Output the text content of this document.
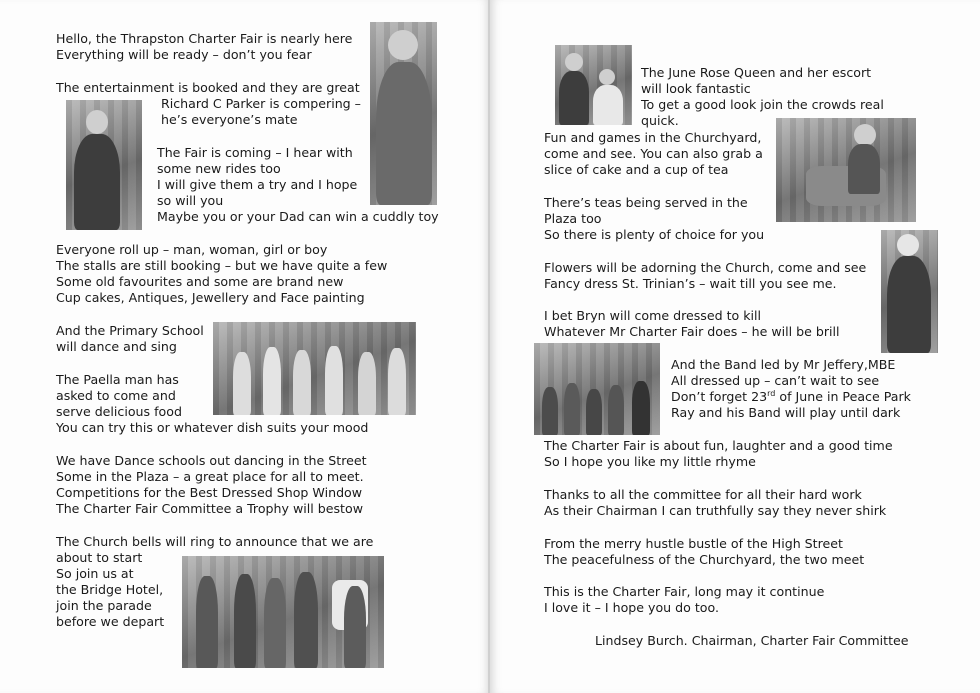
Hello, the Thrapston Charter Fair is nearly here
Everything will be ready – don’t you fear
The entertainment is booked and they are great
Richard C Parker is compering –
he’s everyone’s mate
The Fair is coming – I hear with
some new rides too
I will give them a try and I hope
so will you
Maybe you or your Dad can win a cuddly toy
Everyone roll up – man, woman, girl or boy
The stalls are still booking – but we have quite a few
Some old favourites and some are brand new
Cup cakes, Antiques, Jewellery and Face painting
And the Primary School
will dance and sing
The Paella man has
asked to come and
serve delicious food
You can try this or whatever dish suits your mood
We have Dance schools out dancing in the Street
Some in the Plaza – a great place for all to meet.
Competitions for the Best Dressed Shop Window
The Charter Fair Committee a Trophy will bestow
The Church bells will ring to announce that we are
about to start
So join us at
the Bridge Hotel,
join the parade
before we depart
The June Rose Queen and her escort
will look fantastic
To get a good look join the crowds real
quick.
Fun and games in the Churchyard,
come and see. You can also grab a
slice of cake and a cup of tea
There’s teas being served in the
Plaza too
So there is plenty of choice for you
Flowers will be adorning the Church, come and see
Fancy dress St. Trinian’s – wait till you see me.
I bet Bryn will come dressed to kill
Whatever Mr Charter Fair does – he will be brill
And the Band led by Mr Jeffery,MBE
All dressed up – can’t wait to see
Don’t forget 23rd of June in Peace Park
Ray and his Band will play until dark
The Charter Fair is about fun, laughter and a good time
So I hope you like my little rhyme
Thanks to all the committee for all their hard work
As their Chairman I can truthfully say they never shirk
From the merry hustle bustle of the High Street
The peacefulness of the Churchyard, the two meet
This is the Charter Fair, long may it continue
I love it – I hope you do too.
Lindsey Burch. Chairman, Charter Fair Committee
